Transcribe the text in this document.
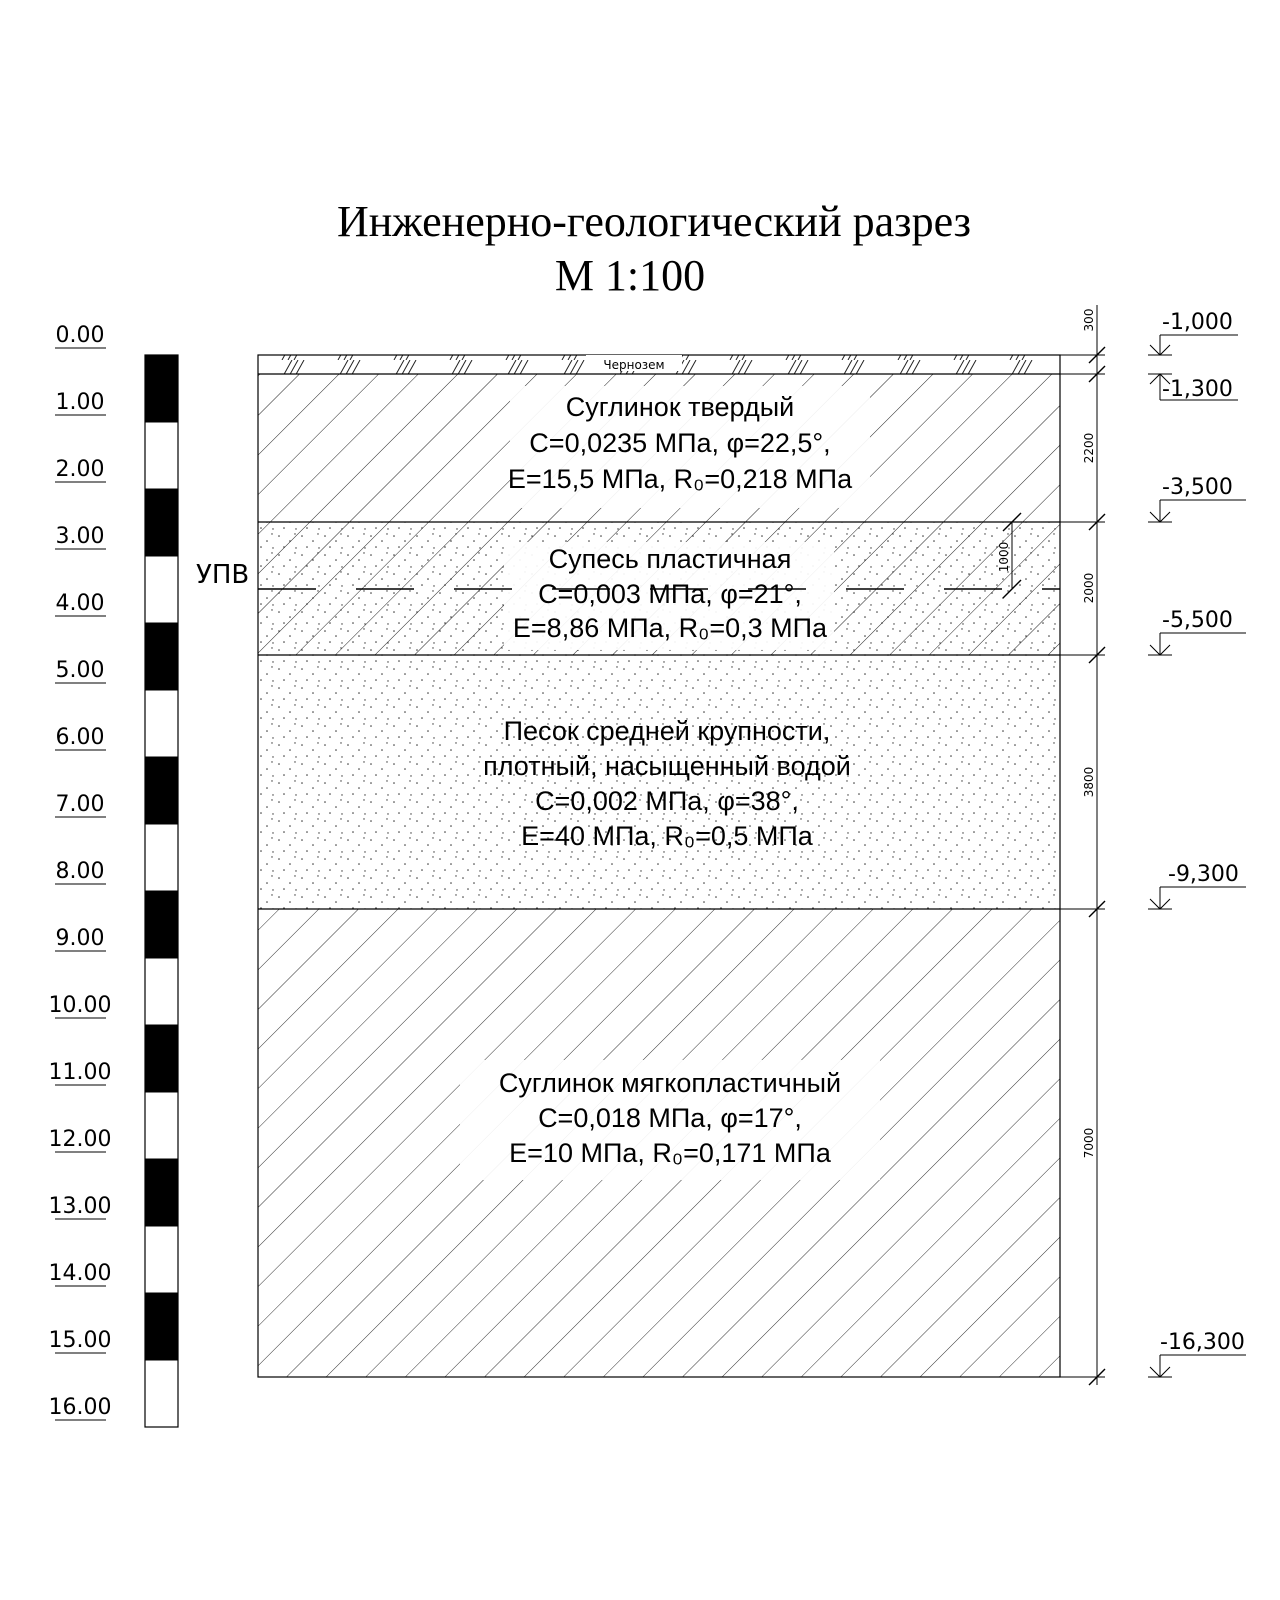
Инженерно-геологический разрез
М 1:100
0.00
1.00
2.00
3.00
4.00
5.00
6.00
7.00
8.00
9.00
10.00
11.00
12.00
13.00
14.00
15.00
16.00
Чернозем
Суглинок твердый
С=0,0235 МПа, φ=22,5°,
Е=15,5 МПа, R₀=0,218 МПа
Супесь пластичная
С=0,003 МПа, φ=21°,
Е=8,86 МПа, R₀=0,3 МПа
Песок средней крупности,
плотный, насыщенный водой
С=0,002 МПа, φ=38°,
Е=40 МПа, R₀=0,5 МПа
Суглинок мягкопластичный
С=0,018 МПа, φ=17°,
Е=10 МПа, R₀=0,171 МПа
УПВ
1000
300
2200
2000
3800
7000
-1,000
-1,300
-3,500
-5,500
-9,300
-16,300
